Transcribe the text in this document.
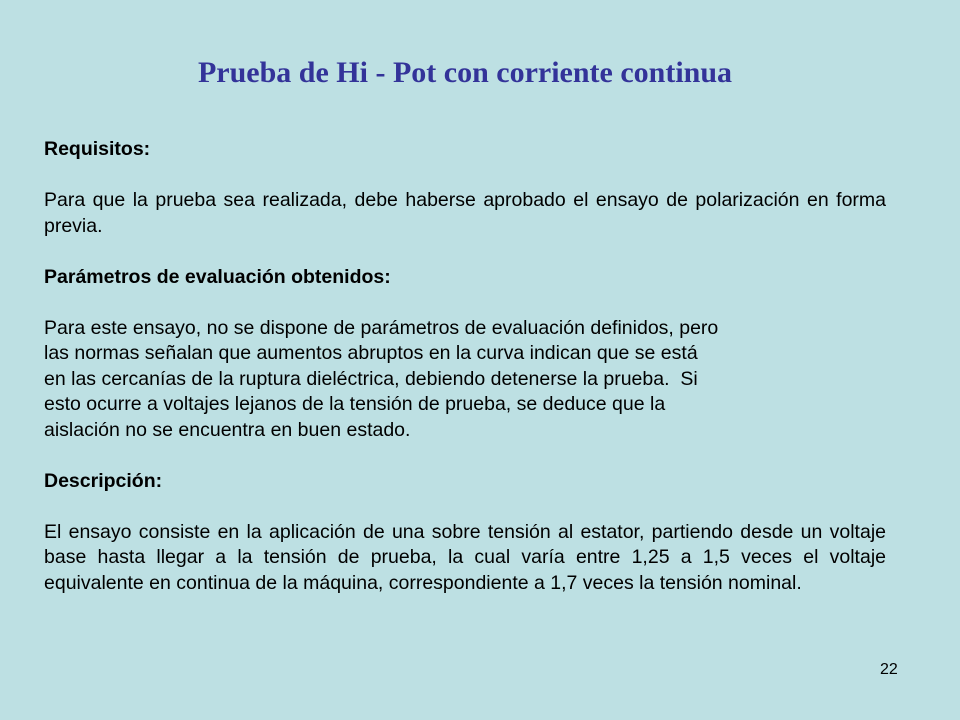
Prueba de Hi - Pot con corriente continua

Requisitos:

Para que la prueba sea realizada, debe haberse aprobado el ensayo de polarización en forma previa.

Parámetros de evaluación obtenidos:

Para este ensayo, no se dispone de parámetros de evaluación definidos, pero
las normas señalan que aumentos abruptos en la curva indican que se está
en las cercanías de la ruptura dieléctrica, debiendo detenerse la prueba.  Si
esto ocurre a voltajes lejanos de la tensión de prueba, se deduce que la
aislación no se encuentra en buen estado.

Descripción:

El ensayo consiste en la aplicación de una sobre tensión al estator, partiendo desde un voltaje base hasta llegar a la tensión de prueba, la cual varía entre 1,25 a 1,5 veces el voltaje equivalente en continua de la máquina, correspondiente a 1,7 veces la tensión nominal.

22
